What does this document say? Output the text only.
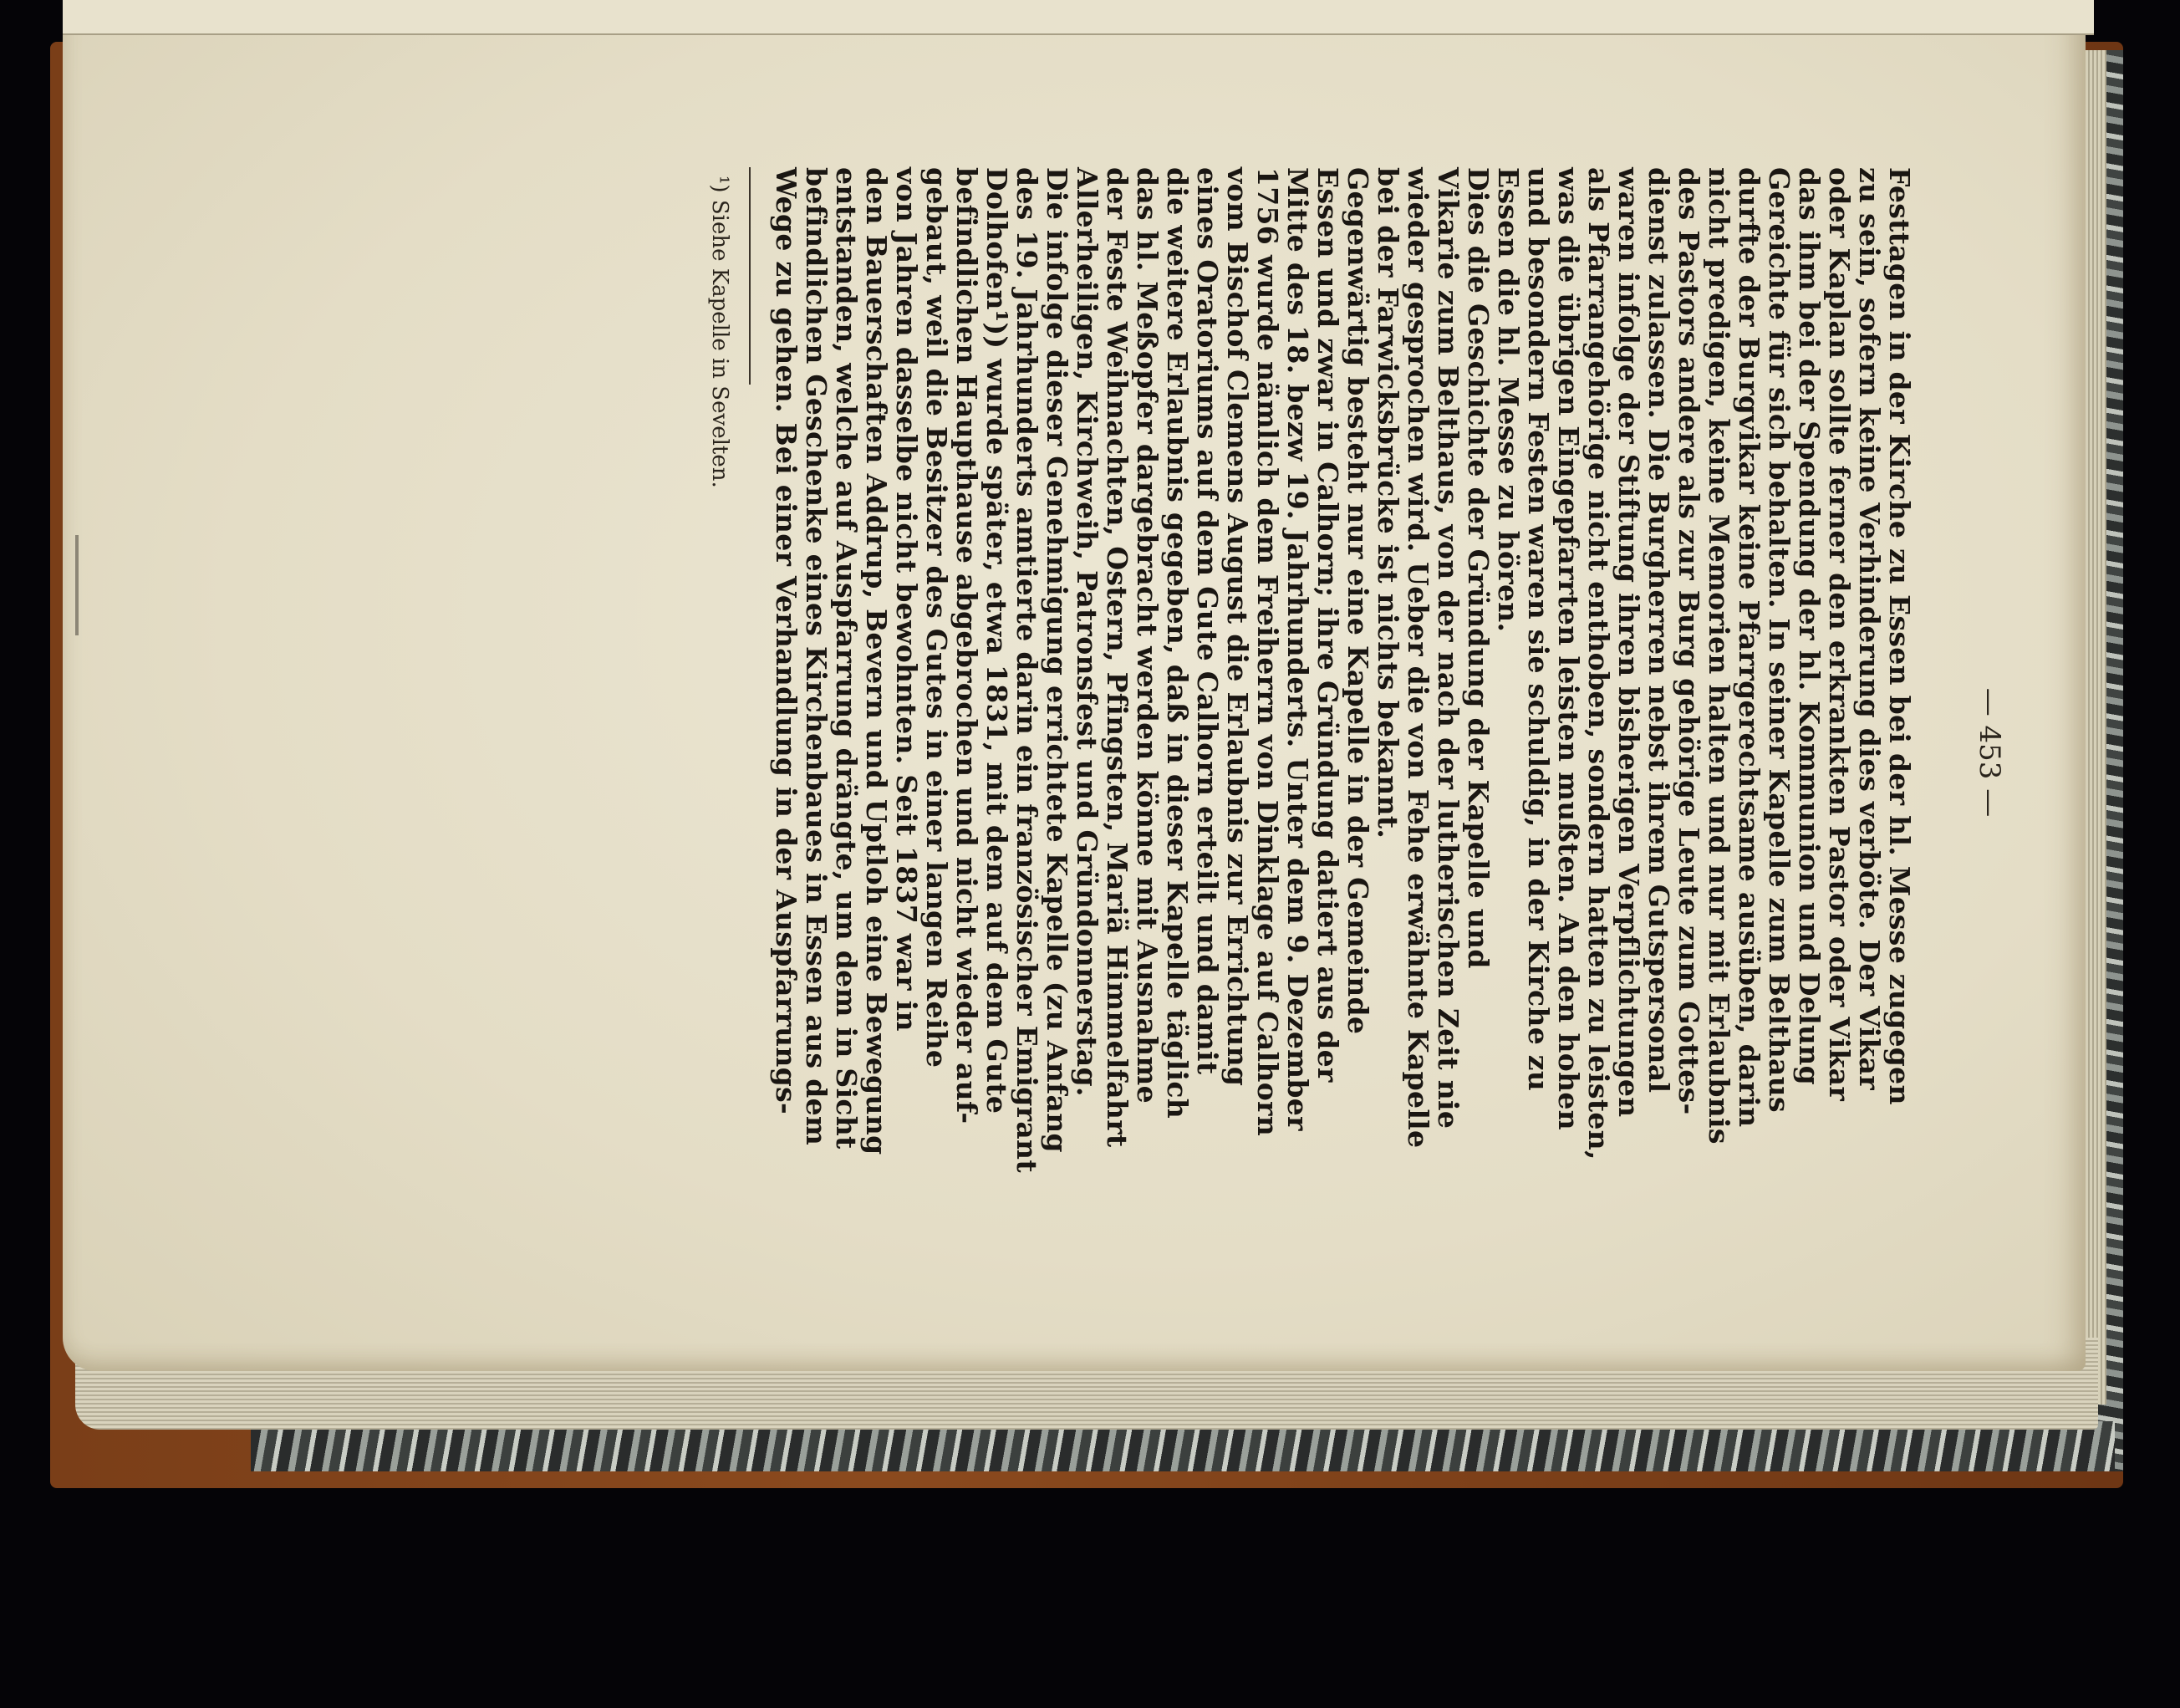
— 453 —
Festtagen in der Kirche zu Essen bei der hl. Messe zugegen
zu sein, sofern keine Verhinderung dies verböte. Der Vikar
oder Kaplan sollte ferner den erkrankten Pastor oder Vikar
das ihm bei der Spendung der hl. Kommunion und Delung
Gereichte für sich behalten. In seiner Kapelle zum Belthaus
durfte der Burgvikar keine Pfarrgerechtsame ausüben, darin
nicht predigen, keine Memorien halten und nur mit Erlaubnis
des Pastors andere als zur Burg gehörige Leute zum Gottes-
dienst zulassen. Die Burgherren nebst ihrem Gutspersonal
waren infolge der Stiftung ihren bisherigen Verpflichtungen
als Pfarrangehörige nicht enthoben, sondern hatten zu leisten,
was die übrigen Eingepfarrten leisten mußten. An den hohen
und besondern Festen waren sie schuldig, in der Kirche zu
Essen die hl. Messe zu hören.
Dies die Geschichte der Gründung der Kapelle und
Vikarie zum Belthaus, von der nach der lutherischen Zeit nie
wieder gesprochen wird. Ueber die von Fehe erwähnte Kapelle
bei der Farwicksbrücke ist nichts bekannt.
Gegenwärtig besteht nur eine Kapelle in der Gemeinde
Essen und zwar in Calhorn; ihre Gründung datiert aus der
Mitte des 18. bezw 19. Jahrhunderts. Unter dem 9. Dezember
1756 wurde nämlich dem Freiherrn von Dinklage auf Calhorn
vom Bischof Clemens August die Erlaubnis zur Errichtung
eines Oratoriums auf dem Gute Calhorn erteilt und damit
die weitere Erlaubnis gegeben, daß in dieser Kapelle täglich
das hl. Meßopfer dargebracht werden könne mit Ausnahme
der Feste Weihnachten, Ostern, Pfingsten, Mariä Himmelfahrt
Allerheiligen, Kirchweih, Patronsfest und Gründonnerstag.
Die infolge dieser Genehmigung errichtete Kapelle (zu Anfang
des 19. Jahrhunderts amtierte darin ein französischer Emigrant
Dolhofen¹)) wurde später, etwa 1831, mit dem auf dem Gute
befindlichen Haupthause abgebrochen und nicht wieder auf-
gebaut, weil die Besitzer des Gutes in einer langen Reihe
von Jahren dasselbe nicht bewohnten. Seit 1837 war in
den Bauerschaften Addrup, Bevern und Uptloh eine Bewegung
entstanden, welche auf Auspfarrung drängte, um dem in Sicht
befindlichen Geschenke eines Kirchenbaues in Essen aus dem
Wege zu gehen. Bei einer Verhandlung in der Auspfarrungs-
¹) Siehe Kapelle in Sevelten.
